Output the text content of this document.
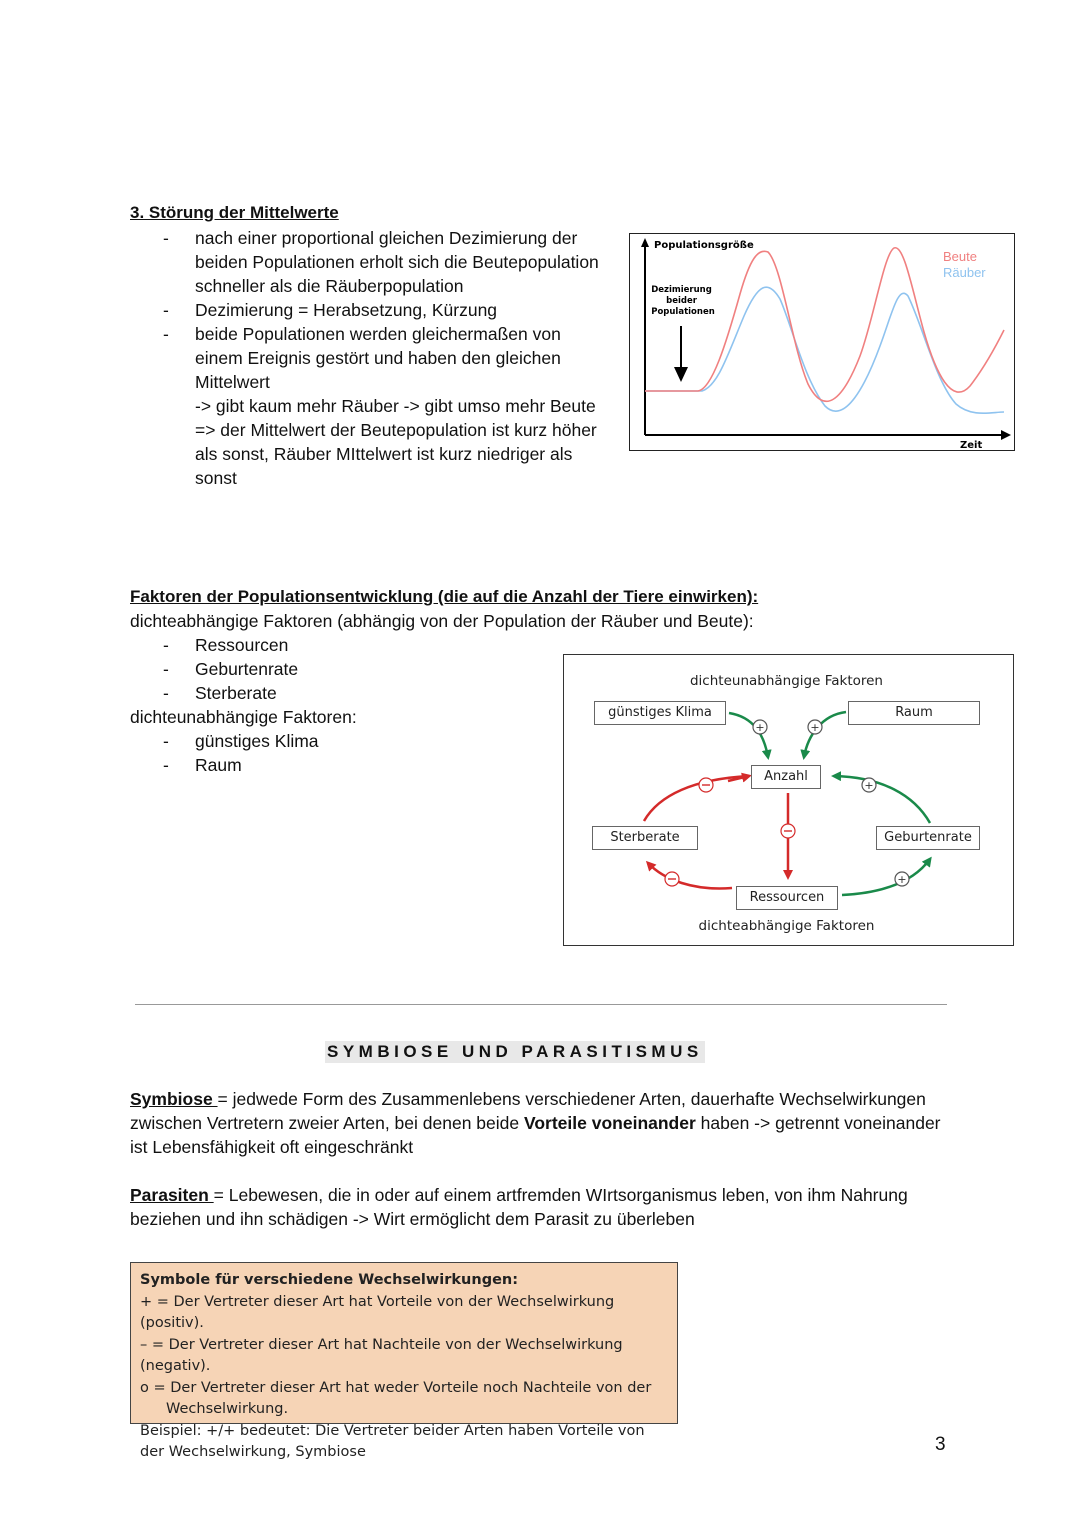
3. Störung der Mittelwerte
- nach einer proportional gleichen Dezimierung der beiden Populationen erholt sich die Beutepopulation schneller als die Räuberpopulation
- Dezimierung = Herabsetzung, Kürzung
- beide Populationen werden gleichermaßen von einem Ereignis gestört und haben den gleichen Mittelwert
-> gibt kaum mehr Räuber -> gibt umso mehr Beute
=> der Mittelwert der Beutepopulation ist kurz höher als sonst, Räuber MIttelwert ist kurz niedriger als sonst
Populationsgröße
Zeit
Dezimierung beider Populationen
Beute
Räuber
Faktoren der Populationsentwicklung (die auf die Anzahl der Tiere einwirken):
dichteabhängige Faktoren (abhängig von der Population der Räuber und Beute):
- Ressourcen
- Geburtenrate
- Sterberate
dichteunabhängige Faktoren:
- günstiges Klima
- Raum
+	+
+
+
dichteunabhängige Faktoren
günstiges Klima	Raum
Anzahl
Sterberate	Geburtenrate
Ressourcen
dichteabhängige Faktoren
SYMBIOSE UND PARASITISMUS
Symbiose = jedwede Form des Zusammenlebens verschiedener Arten, dauerhafte Wechselwirkungen zwischen Vertretern zweier Arten, bei denen beide Vorteile voneinander haben -> getrennt voneinander ist Lebensfähigkeit oft eingeschränkt
Parasiten = Lebewesen, die in oder auf einem artfremden WIrtsorganismus leben, von ihm Nahrung beziehen und ihn schädigen -> Wirt ermöglicht dem Parasit zu überleben
Symbole für verschiedene Wechselwirkungen:
+ = Der Vertreter dieser Art hat Vorteile von der Wechselwirkung (positiv).
– = Der Vertreter dieser Art hat Nachteile von der Wechselwirkung (negativ).
o = Der Vertreter dieser Art hat weder Vorteile noch Nachteile von der
Wechselwirkung.
Beispiel: +/+ bedeutet: Die Vertreter beider Arten haben Vorteile von der Wechselwirkung, Symbiose	3
